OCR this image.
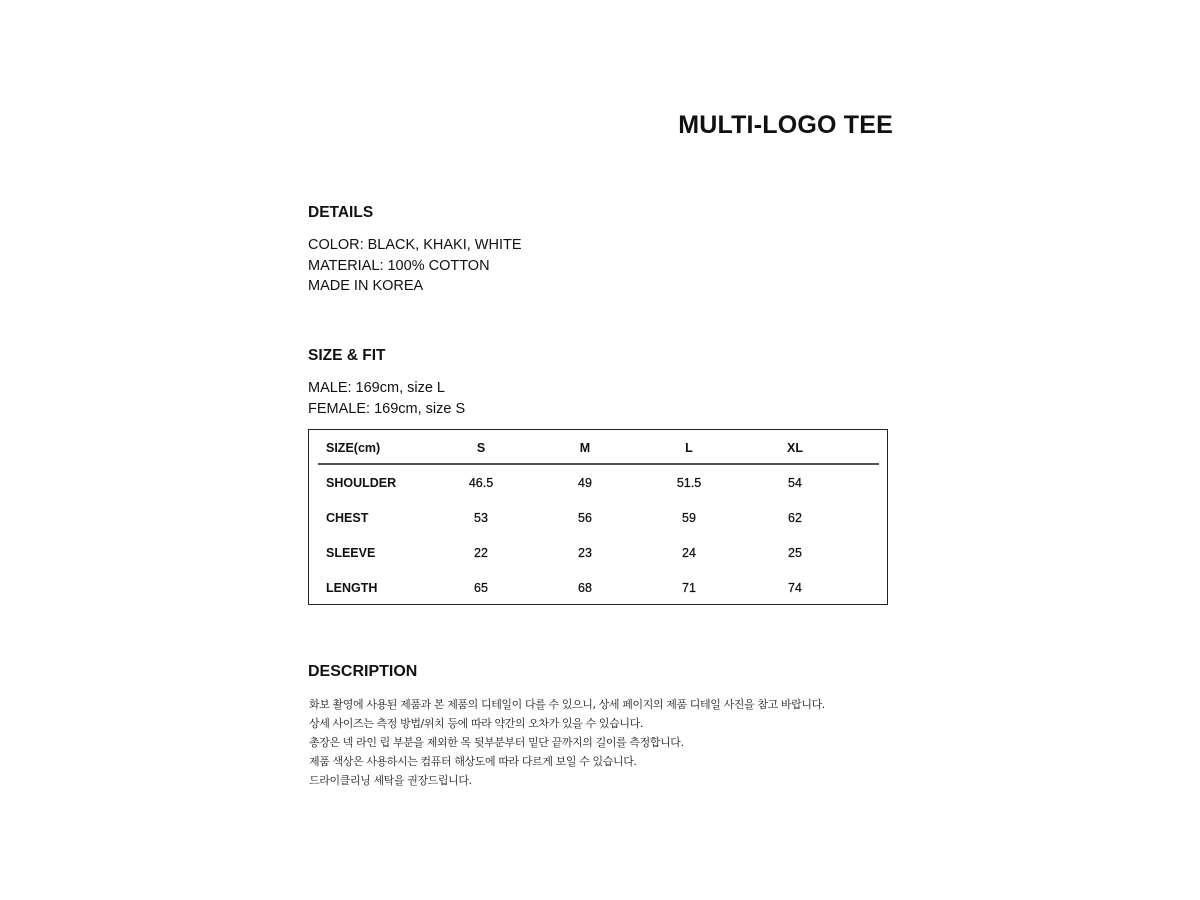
MULTI-LOGO TEE
DETAILS
COLOR: BLACK, KHAKI, WHITE
MATERIAL: 100% COTTON
MADE IN KOREA
SIZE & FIT
MALE: 169cm, size L
FEMALE: 169cm, size S
SIZE(cm)	S	M	L	XL
SHOULDER	46.5	49	51.5	54
CHEST	53	56	59	62
SLEEVE	22	23	24	25
LENGTH	65	68	71	74
DESCRIPTION
화보 촬영에 사용된 제품과 본 제품의 디테일이 다를 수 있으니, 상세 페이지의 제품 디테일 사진을 참고 바랍니다.
상세 사이즈는 측정 방법/위치 등에 따라 약간의 오차가 있을 수 있습니다.
총장은 넥 라인 립 부분을 제외한 목 뒷부분부터 밑단 끝까지의 길이를 측정합니다.
제품 색상은 사용하시는 컴퓨터 해상도에 따라 다르게 보일 수 있습니다.
드라이클리닝 세탁을 권장드립니다.
